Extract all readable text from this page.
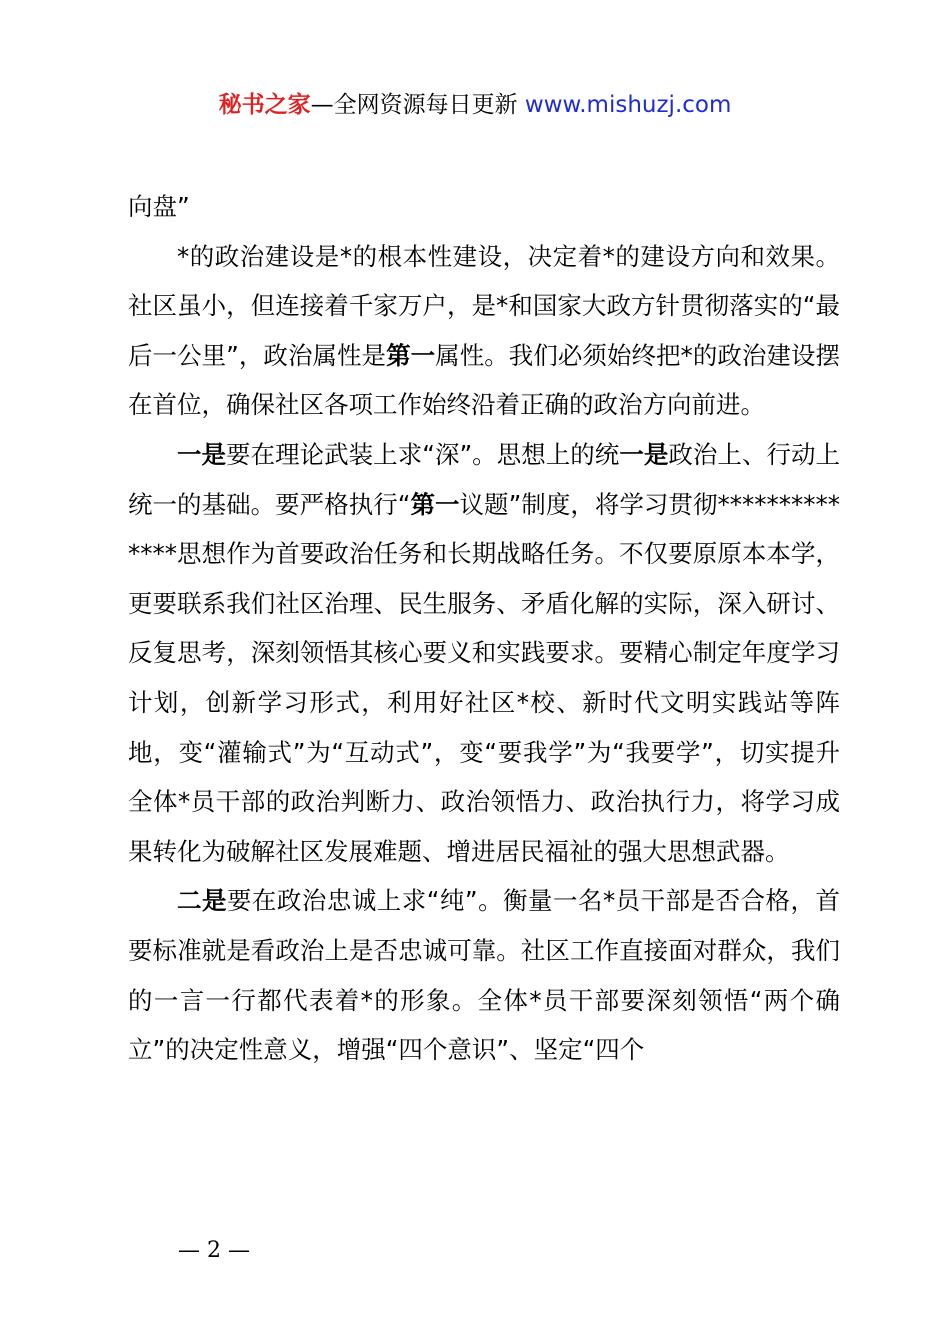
秘书之家—全网资源每日更新 www.mishuzj.com

向盘”

*的政治建设是*的根本性建设，决定着*的建设方向和效果。社区虽小，但连接着千家万户，是*和国家大政方针贯彻落实的“最后一公里”，政治属性是第一属性。我们必须始终把*的政治建设摆在首位，确保社区各项工作始终沿着正确的政治方向前进。

一是要在理论武装上求“深”。思想上的统一是政治上、行动上统一的基础。要严格执行“第一议题”制度，将学习贯彻**************思想作为首要政治任务和长期战略任务。不仅要原原本本学，更要联系我们社区治理、民生服务、矛盾化解的实际，深入研讨、反复思考，深刻领悟其核心要义和实践要求。要精心制定年度学习计划，创新学习形式，利用好社区*校、新时代文明实践站等阵地，变“灌输式”为“互动式”，变“要我学”为“我要学”，切实提升全体*员干部的政治判断力、政治领悟力、政治执行力，将学习成果转化为破解社区发展难题、增进居民福祉的强大思想武器。

二是要在政治忠诚上求“纯”。衡量一名*员干部是否合格，首要标准就是看政治上是否忠诚可靠。社区工作直接面对群众，我们的一言一行都代表着*的形象。全体*员干部要深刻领悟“两个确立”的决定性意义，增强“四个意识”、坚定“四个

— 2 —
